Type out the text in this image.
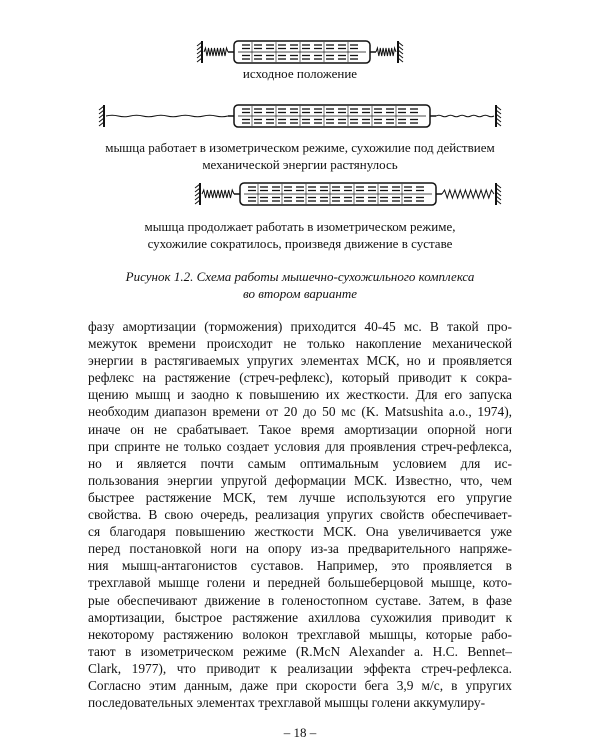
исходное положение

мышца работает в изометрическом режиме, сухожилие под действием

механической энергии растянулось

мышца продолжает работать в изометрическом режиме,

сухожилие сократилось, произведя движение в суставе

Рисунок 1.2. Схема работы мышечно-сухожильного комплекса
во втором варианте

фазу амортизации (торможения) приходится 40-45 мс. В такой про-
межуток времени происходит не только накопление механической
энергии в растягиваемых упругих элементах МСК, но и проявляется
рефлекс на растяжение (стреч-рефлекс), который приводит к сокра-
щению мышц и заодно к повышению их жесткости. Для его запуска
необходим диапазон времени от 20 до 50 мс (K. Matsushita a.o., 1974),
иначе он не срабатывает. Такое время амортизации опорной ноги
при спринте не только создает условия для проявления стреч-рефлекса,
но и является почти самым оптимальным условием для ис-
пользования энергии упругой деформации МСК. Известно, что, чем
быстрее растяжение МСК, тем лучше используются его упругие
свойства. В свою очередь, реализация упругих свойств обеспечивает-
ся благодаря повышению жесткости МСК. Она увеличивается уже
перед постановкой ноги на опору из-за предварительного напряже-
ния мышц-антагонистов суставов. Например, это проявляется в
трехглавой мышце голени и передней большеберцовой мышце, кото-
рые обеспечивают движение в голеностопном суставе. Затем, в фазе
амортизации, быстрое растяжение ахиллова сухожилия приводит к
некоторому растяжению волокон трехглавой мышцы, которые рабо-
тают в изометрическом режиме (R.McN Alexander a. H.C. Bennet–
Clark, 1977), что приводит к реализации эффекта стреч-рефлекса.
Согласно этим данным, даже при скорости бега 3,9 м/с, в упругих
последовательных элементах трехглавой мышцы голени аккумулиру-

– 18 –
